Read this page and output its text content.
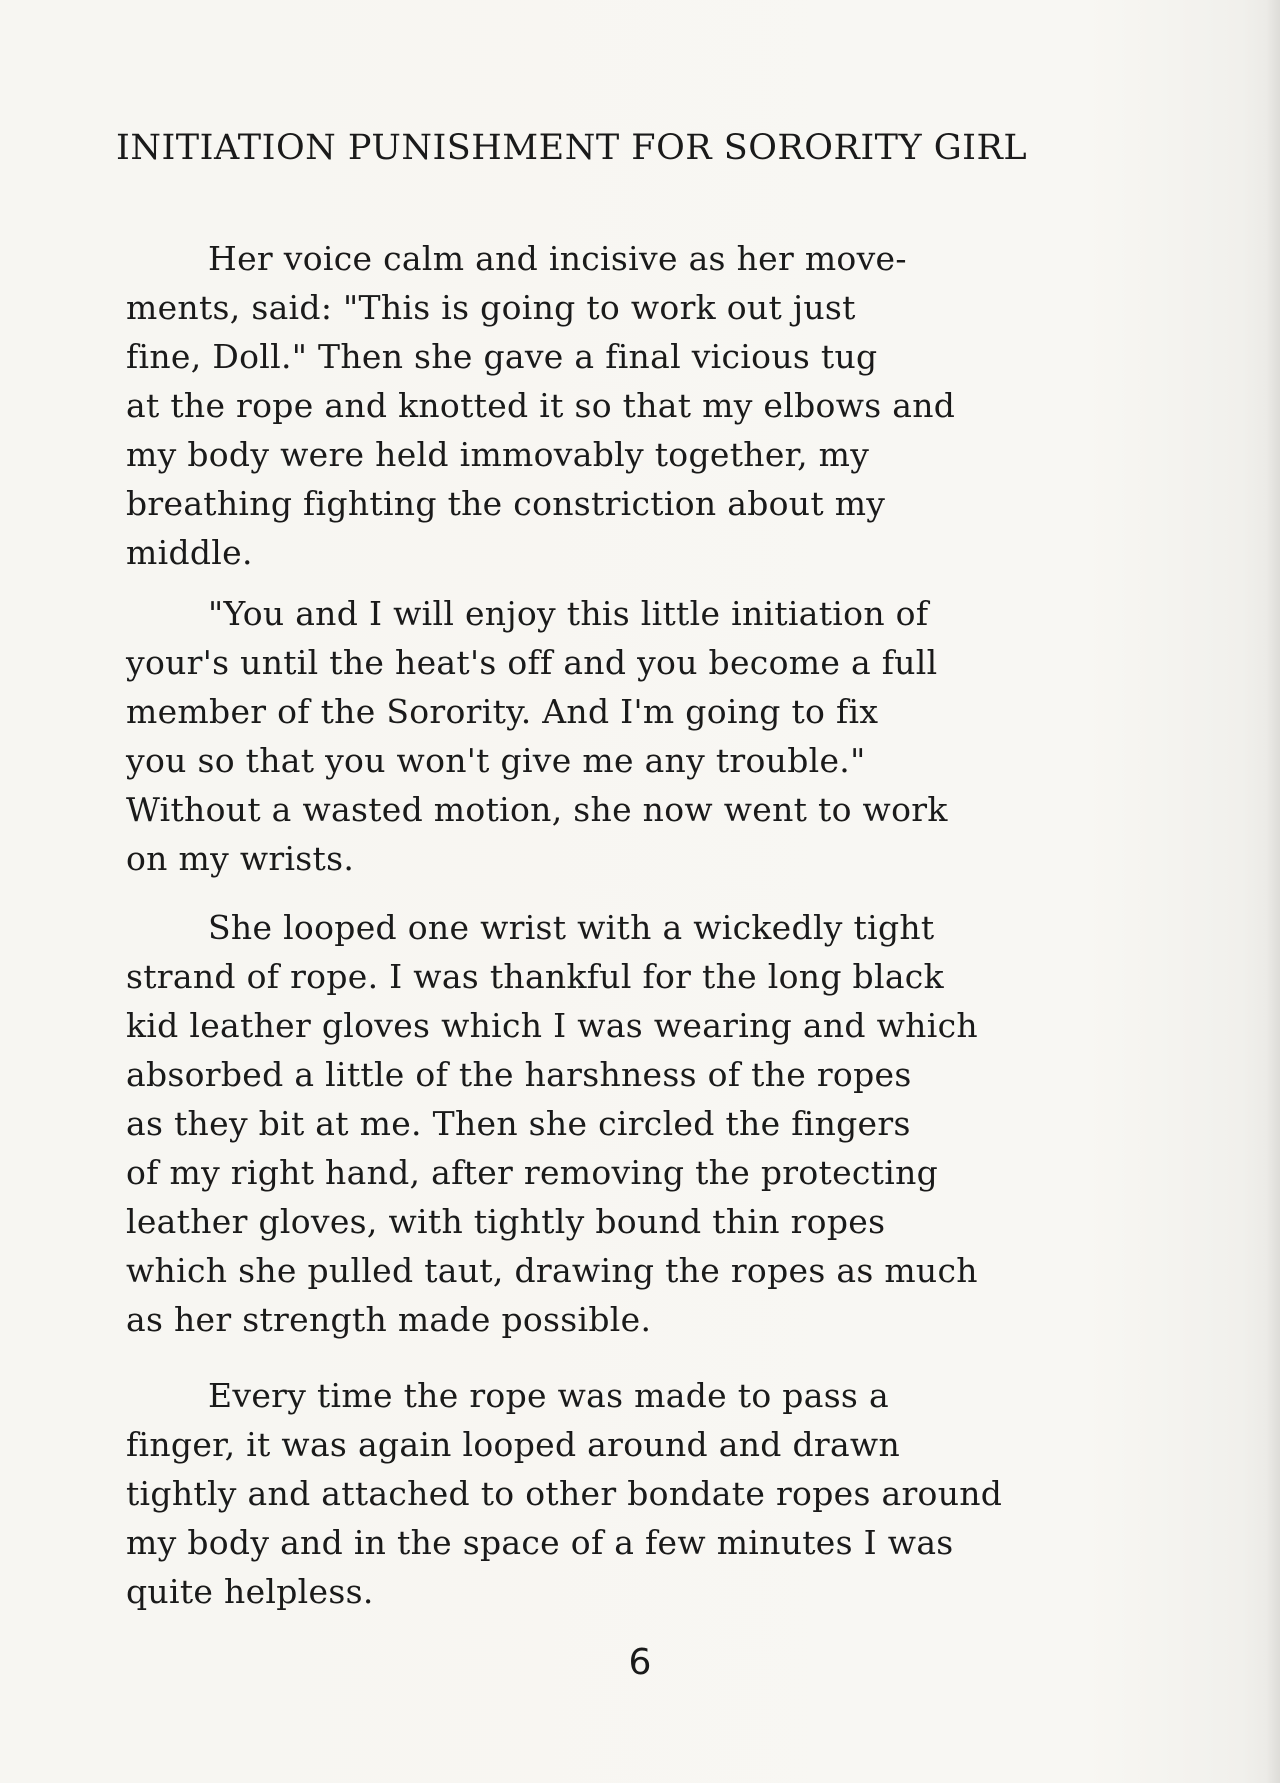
INITIATION PUNISHMENT FOR SORORITY GIRL
Her voice calm and incisive as her move-
ments, said: "This is going to work out just
fine, Doll." Then she gave a final vicious tug
at the rope and knotted it so that my elbows and
my body were held immovably together, my
breathing fighting the constriction about my
middle.
"You and I will enjoy this little initiation of
your's until the heat's off and you become a full
member of the Sorority. And I'm going to fix
you so that you won't give me any trouble."
Without a wasted motion, she now went to work
on my wrists.
She looped one wrist with a wickedly tight
strand of rope. I was thankful for the long black
kid leather gloves which I was wearing and which
absorbed a little of the harshness of the ropes
as they bit at me. Then she circled the fingers
of my right hand, after removing the protecting
leather gloves, with tightly bound thin ropes
which she pulled taut, drawing the ropes as much
as her strength made possible.
Every time the rope was made to pass a
finger, it was again looped around and drawn
tightly and attached to other bondate ropes around
my body and in the space of a few minutes I was
quite helpless.

6
